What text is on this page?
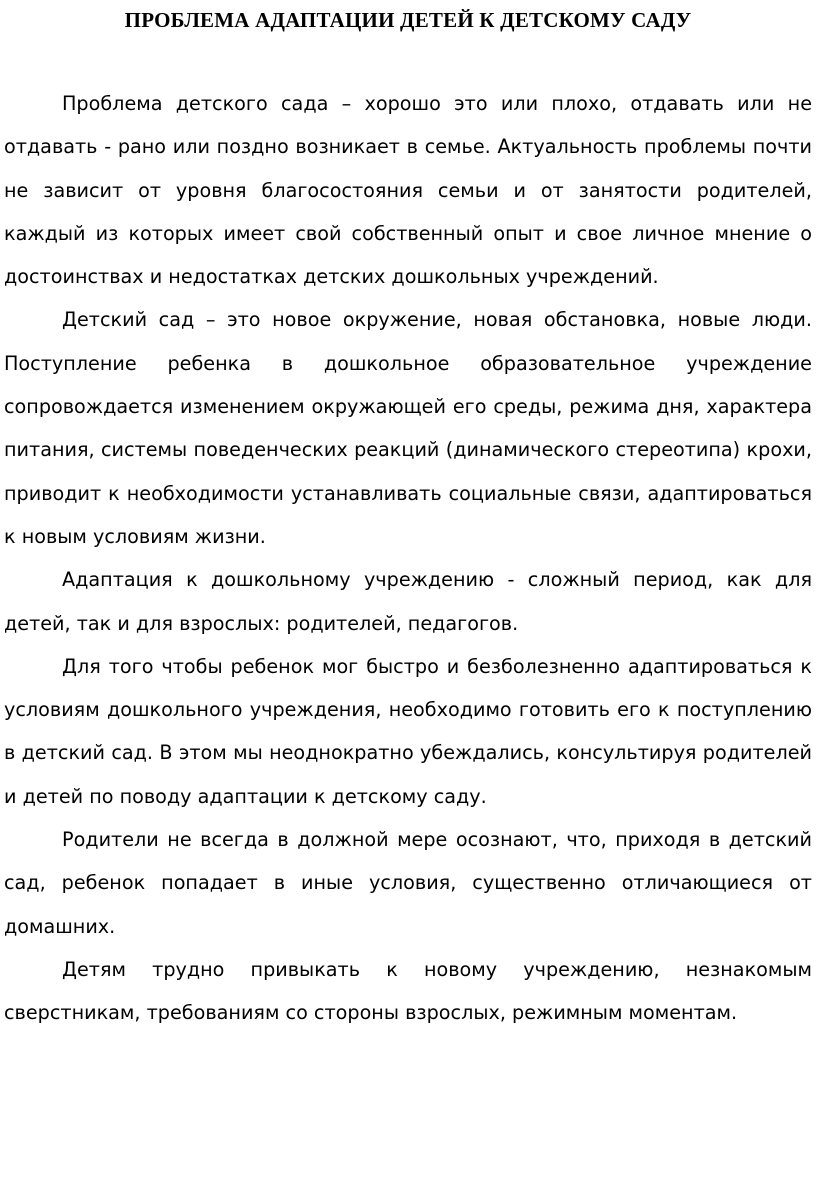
ПРОБЛЕМА АДАПТАЦИИ ДЕТЕЙ К ДЕТСКОМУ САДУ

Проблема детского сада – хорошо это или плохо, отдавать или не отдавать - рано или поздно возникает в семье. Актуальность проблемы почти не зависит от уровня благосостояния семьи и от занятости родителей, каждый из которых имеет свой собственный опыт и свое личное мнение о достоинствах и недостатках детских дошкольных учреждений.

Детский сад – это новое окружение, новая обстановка, новые люди. Поступление ребенка в дошкольное образовательное учреждение сопровождается изменением окружающей его среды, режима дня, характера питания, системы поведенческих реакций (динамического стереотипа) крохи, приводит к необходимости устанавливать социальные связи, адаптироваться к новым условиям жизни.

Адаптация к дошкольному учреждению - сложный период, как для детей, так и для взрослых: родителей, педагогов.

Для того чтобы ребенок мог быстро и безболезненно адаптироваться к условиям дошкольного учреждения, необходимо готовить его к поступлению в детский сад. В этом мы неоднократно убеждались, консультируя родителей и детей по поводу адаптации к детскому саду.

Родители не всегда в должной мере осознают, что, приходя в детский сад, ребенок попадает в иные условия, существенно отличающиеся от домашних.

Детям трудно привыкать к новому учреждению, незнакомым сверстникам, требованиям со стороны взрослых, режимным моментам.
